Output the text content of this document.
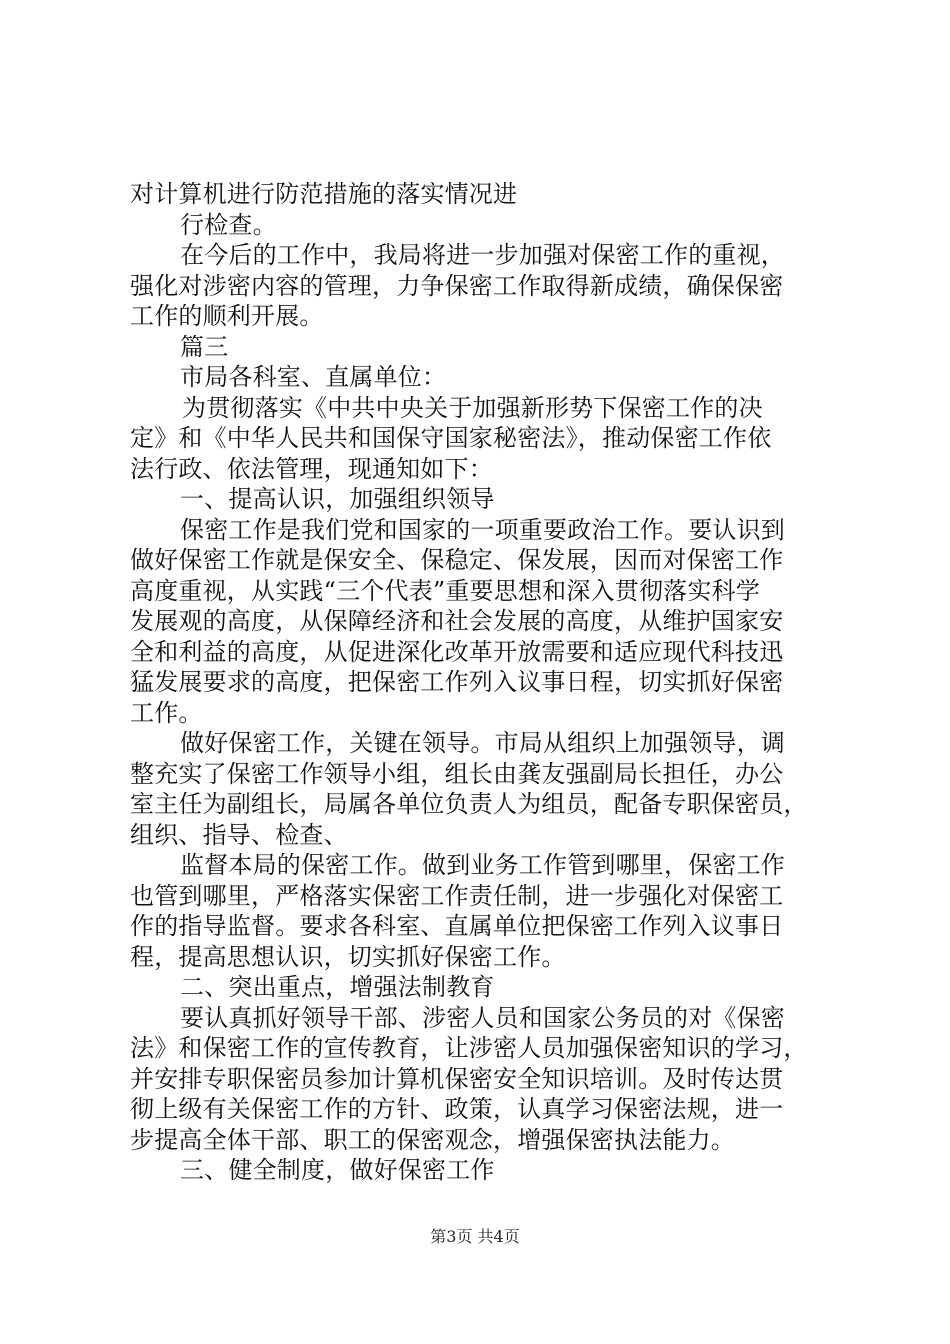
对计算机进行防范措施的落实情况进
行检查。
在今后的工作中，我局将进一步加强对保密工作的重视，
强化对涉密内容的管理，力争保密工作取得新成绩，确保保密
工作的顺利开展。
篇三
市局各科室、直属单位：
为贯彻落实《中共中央关于加强新形势下保密工作的决
定》和《中华人民共和国保守国家秘密法》，推动保密工作依
法行政、依法管理，现通知如下：
一、提高认识，加强组织领导
保密工作是我们党和国家的一项重要政治工作。要认识到
做好保密工作就是保安全、保稳定、保发展，因而对保密工作
高度重视，从实践“三个代表”重要思想和深入贯彻落实科学
发展观的高度，从保障经济和社会发展的高度，从维护国家安
全和利益的高度，从促进深化改革开放需要和适应现代科技迅
猛发展要求的高度，把保密工作列入议事日程，切实抓好保密
工作。
做好保密工作，关键在领导。市局从组织上加强领导，调
整充实了保密工作领导小组，组长由龚友强副局长担任，办公
室主任为副组长，局属各单位负责人为组员，配备专职保密员，
组织、指导、检查、
监督本局的保密工作。做到业务工作管到哪里，保密工作
也管到哪里，严格落实保密工作责任制，进一步强化对保密工
作的指导监督。要求各科室、直属单位把保密工作列入议事日
程，提高思想认识，切实抓好保密工作。
二、突出重点，增强法制教育
要认真抓好领导干部、涉密人员和国家公务员的对《保密
法》和保密工作的宣传教育，让涉密人员加强保密知识的学习，
并安排专职保密员参加计算机保密安全知识培训。及时传达贯
彻上级有关保密工作的方针、政策，认真学习保密法规，进一
步提高全体干部、职工的保密观念，增强保密执法能力。
三、健全制度，做好保密工作
第3页 共4页
